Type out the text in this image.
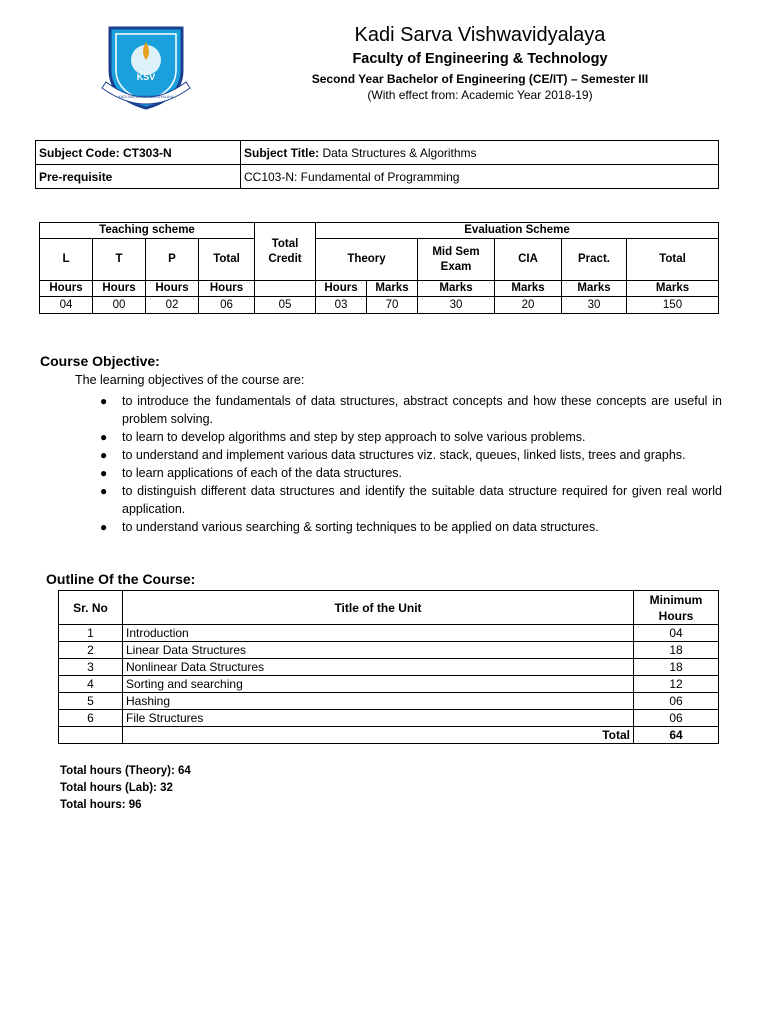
KSV
KADI SARVA VISHWAVIDYALAYA
Kadi Sarva Vishwavidyalaya
Faculty of Engineering & Technology
Second Year Bachelor of Engineering (CE/IT) – Semester III
(With effect from: Academic Year 2018-19)
Subject Code: CT303-N	Subject Title: Data Structures & Algorithms
Pre-requisite	CC103-N: Fundamental of Programming
Teaching scheme				Total Credit	Evaluation Scheme					
L	T	P	Total		Theory		Mid Sem Exam	CIA	Pract.	Total
Hours	Hours	Hours	Hours		Hours	Marks	Marks	Marks	Marks	Marks
04	00	02	06	05	03	70	30	20	30	150
Course Objective:
The learning objectives of the course are:
● to introduce the fundamentals of data structures, abstract concepts and how these concepts are useful in problem solving.
● to learn to develop algorithms and step by step approach to solve various problems.
● to understand and implement various data structures viz. stack, queues, linked lists, trees and graphs.
● to learn applications of each of the data structures.
● to distinguish different data structures and identify the suitable data structure required for given real world application.
● to understand various searching & sorting techniques to be applied on data structures.
Outline Of the Course:
Sr. No	Title of the Unit	Minimum Hours
1	Introduction	04
2	Linear Data Structures	18
3	Nonlinear Data Structures	18
4	Sorting and searching	12
5	Hashing	06
6	File Structures	06
	Total	64
Total hours (Theory): 64
Total hours (Lab): 32
Total hours: 96
